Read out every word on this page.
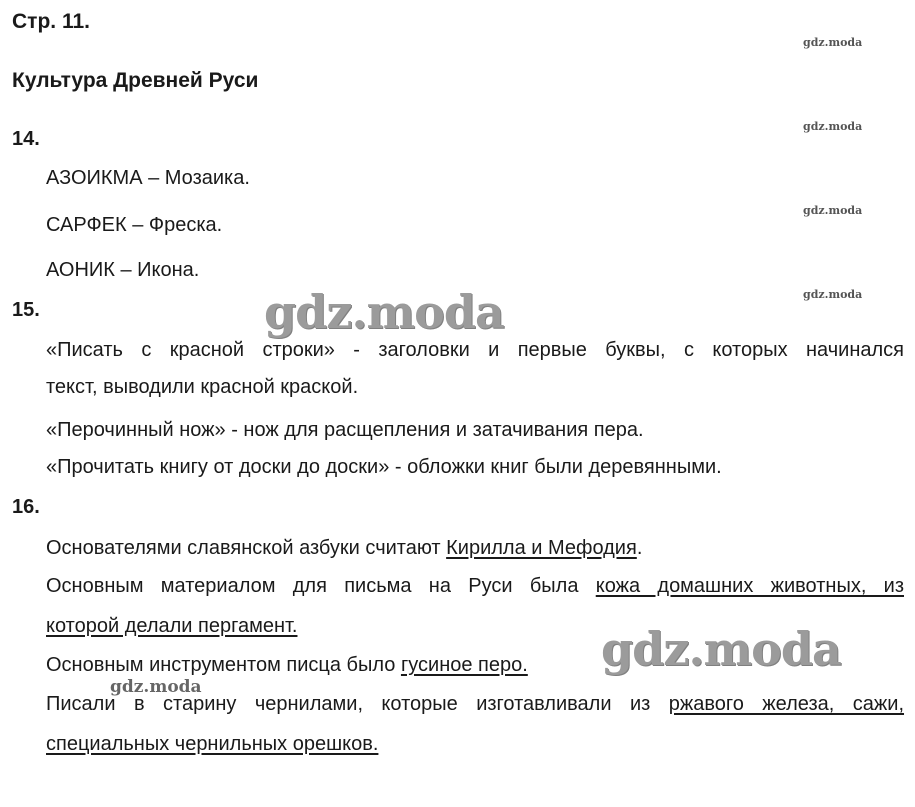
Стр. 11.
Культура Древней Руси
14.
АЗОИКМА – Мозаика.
САРФЕК – Фреска.
АОНИК – Икона.
15.
«Писать с красной строки» - заголовки и первые буквы, с которых начинался
текст, выводили красной краской.
«Перочинный нож» - нож для расщепления и затачивания пера.
«Прочитать книгу от доски до доски» - обложки книг были деревянными.
16.
Основателями славянской азбуки считают Кирилла и Мефодия.
Основным материалом для письма на Руси была кожа домашних животных, из
которой делали пергамент.
Основным инструментом писца было гусиное перо.
Писали в старину чернилами, которые изготавливали из ржавого железа, сажи,
специальных чернильных орешков.
gdz.moda
gdz.moda
gdz.moda
gdz.moda
gdz.moda
gdz.moda
gdz.moda
